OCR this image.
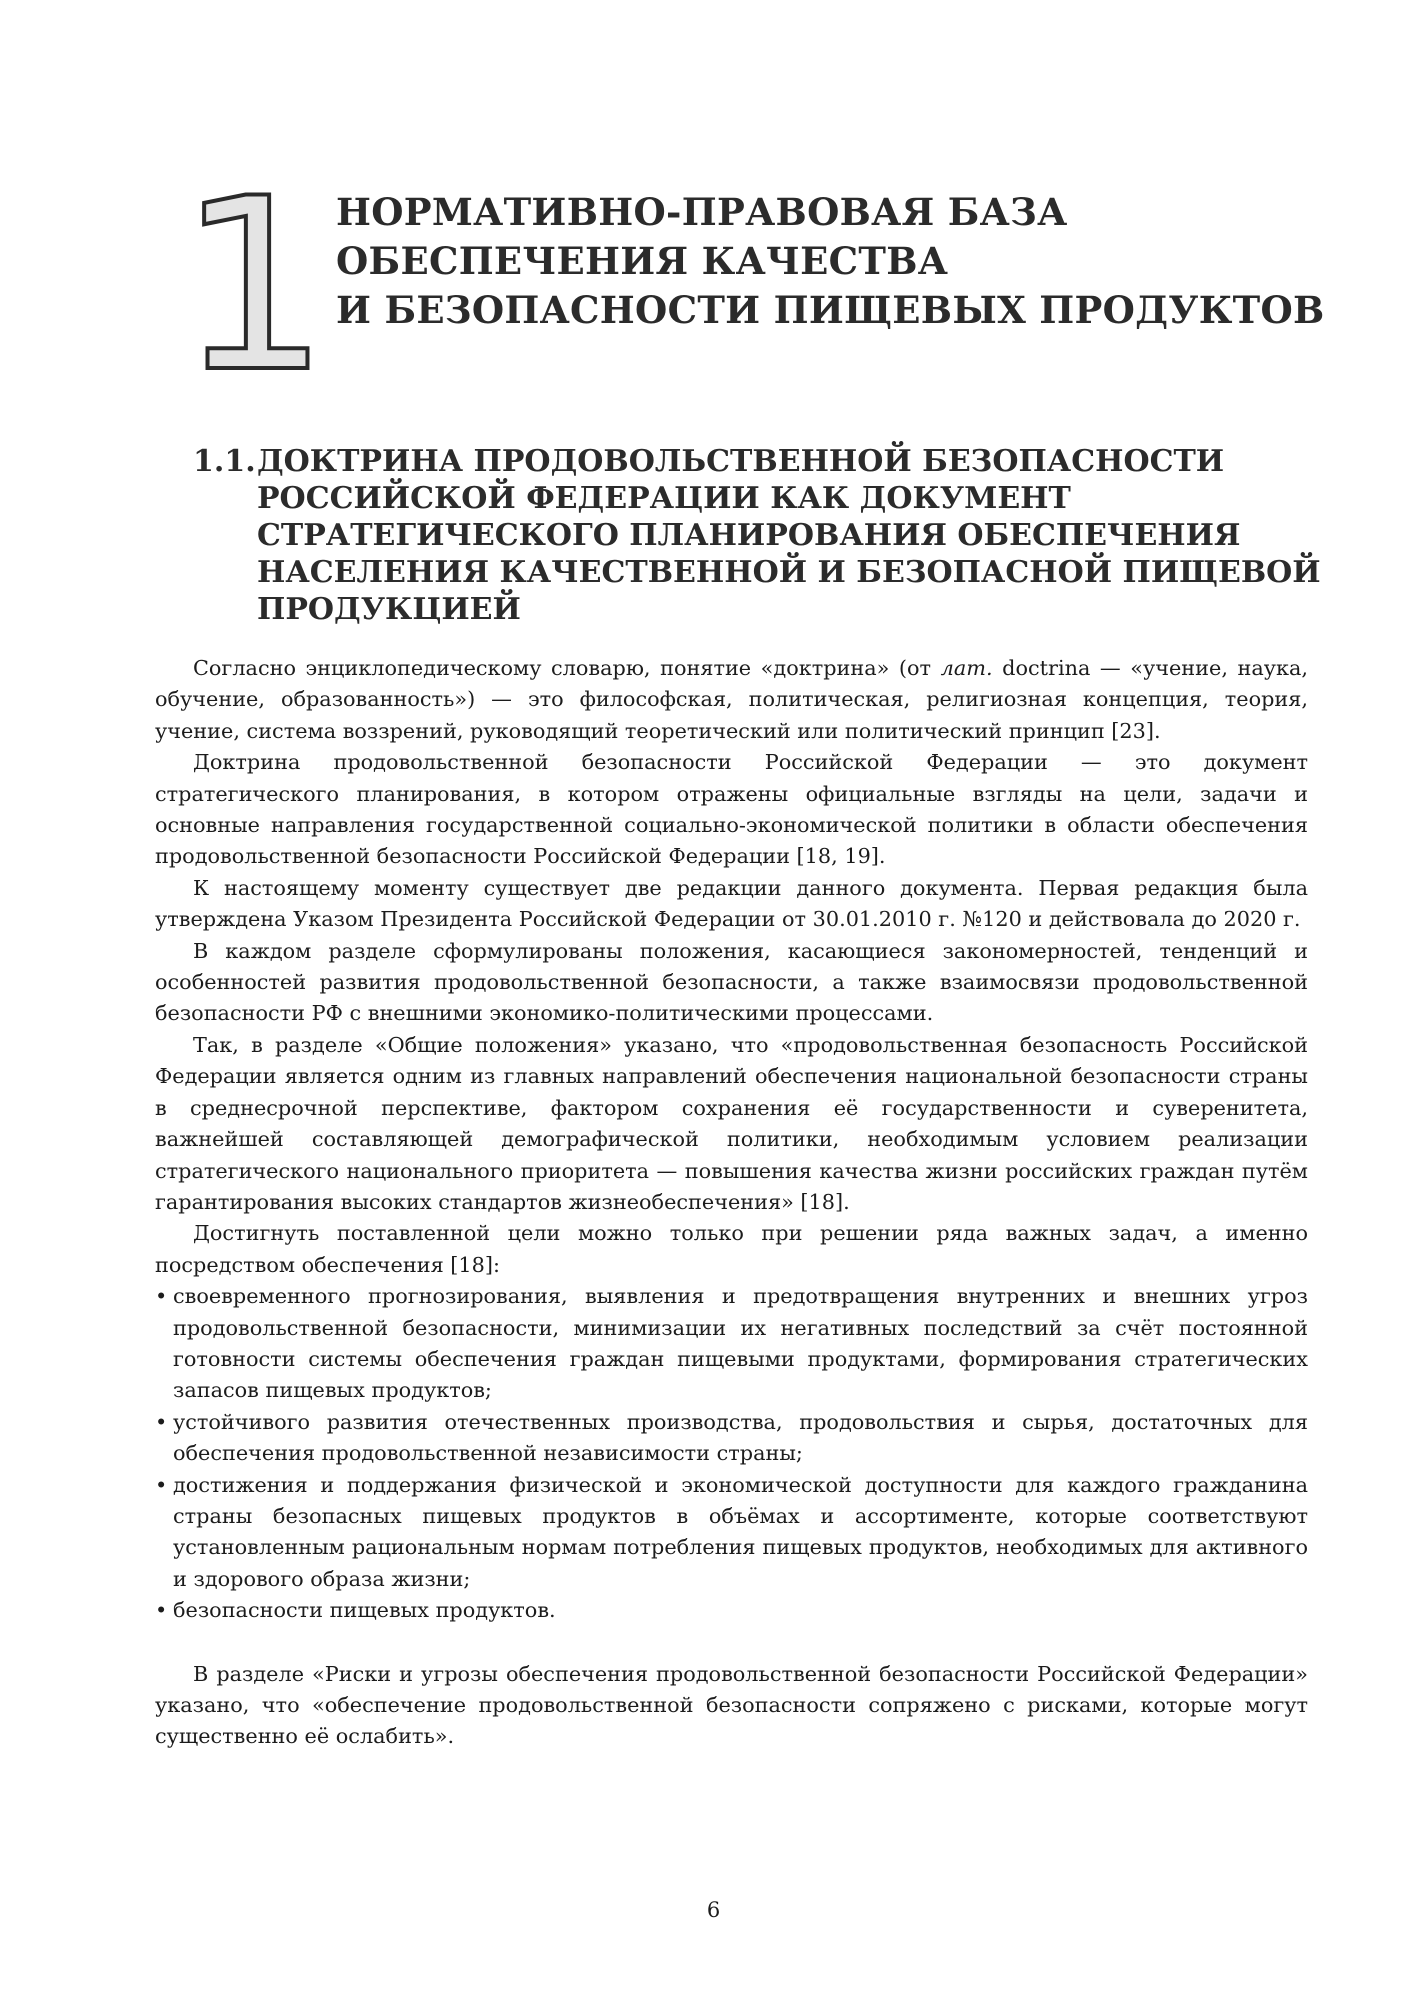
1 НОРМАТИВНО-ПРАВОВАЯ БАЗА
ОБЕСПЕЧЕНИЯ КАЧЕСТВА
И БЕЗОПАСНОСТИ ПИЩЕВЫХ ПРОДУКТОВ
1.1. ДОКТРИНА ПРОДОВОЛЬСТВЕННОЙ БЕЗОПАСНОСТИ
РОССИЙСКОЙ ФЕДЕРАЦИИ КАК ДОКУМЕНТ
СТРАТЕГИЧЕСКОГО ПЛАНИРОВАНИЯ ОБЕСПЕЧЕНИЯ
НАСЕЛЕНИЯ КАЧЕСТВЕННОЙ И БЕЗОПАСНОЙ ПИЩЕВОЙ
ПРОДУКЦИЕЙ

Согласно энциклопедическому словарю, понятие «доктрина» (от лат. doctrina — «учение, наука, обучение, образованность») — это философская, политическая, религиозная концепция, теория, учение, система воззрений, руководящий теоретический или политический принцип [23].

Доктрина продовольственной безопасности Российской Федерации — это документ стратегического планирования, в котором отражены официальные взгляды на цели, задачи и основные направления государственной социально-экономической политики в области обеспечения продовольственной безопасности Российской Федерации [18, 19].

К настоящему моменту существует две редакции данного документа. Первая редакция была утверждена Указом Президента Российской Федерации от 30.01.2010 г. №120 и действовала до 2020 г.

В каждом разделе сформулированы положения, касающиеся закономерностей, тенденций и особенностей развития продовольственной безопасности, а также взаимосвязи продовольственной безопасности РФ с внешними экономико-политическими процессами.

Так, в разделе «Общие положения» указано, что «продовольственная безопасность Российской Федерации является одним из главных направлений обеспечения национальной безопасности страны в среднесрочной перспективе, фактором сохранения её государственности и суверенитета, важнейшей составляющей демографической политики, необходимым условием реализации стратегического национального приоритета — повышения качества жизни российских граждан путём гарантирования высоких стандартов жизнеобеспечения» [18].

Достигнуть поставленной цели можно только при решении ряда важных задач, а именно посредством обеспечения [18]:

• своевременного прогнозирования, выявления и предотвращения внутренних и внешних угроз продовольственной безопасности, минимизации их негативных последствий за счёт постоянной готовности системы обеспечения граждан пищевыми продуктами, формирования стратегических запасов пищевых продуктов;
• устойчивого развития отечественных производства, продовольствия и сырья, достаточных для обеспечения продовольственной независимости страны;
• достижения и поддержания физической и экономической доступности для каждого гражданина страны безопасных пищевых продуктов в объёмах и ассортименте, которые соответствуют установленным рациональным нормам потребления пищевых продуктов, необходимых для активного и здорового образа жизни;
• безопасности пищевых продуктов.

В разделе «Риски и угрозы обеспечения продовольственной безопасности Российской Федерации» указано, что «обеспечение продовольственной безопасности сопряжено с рисками, которые могут существенно её ослабить».

6
